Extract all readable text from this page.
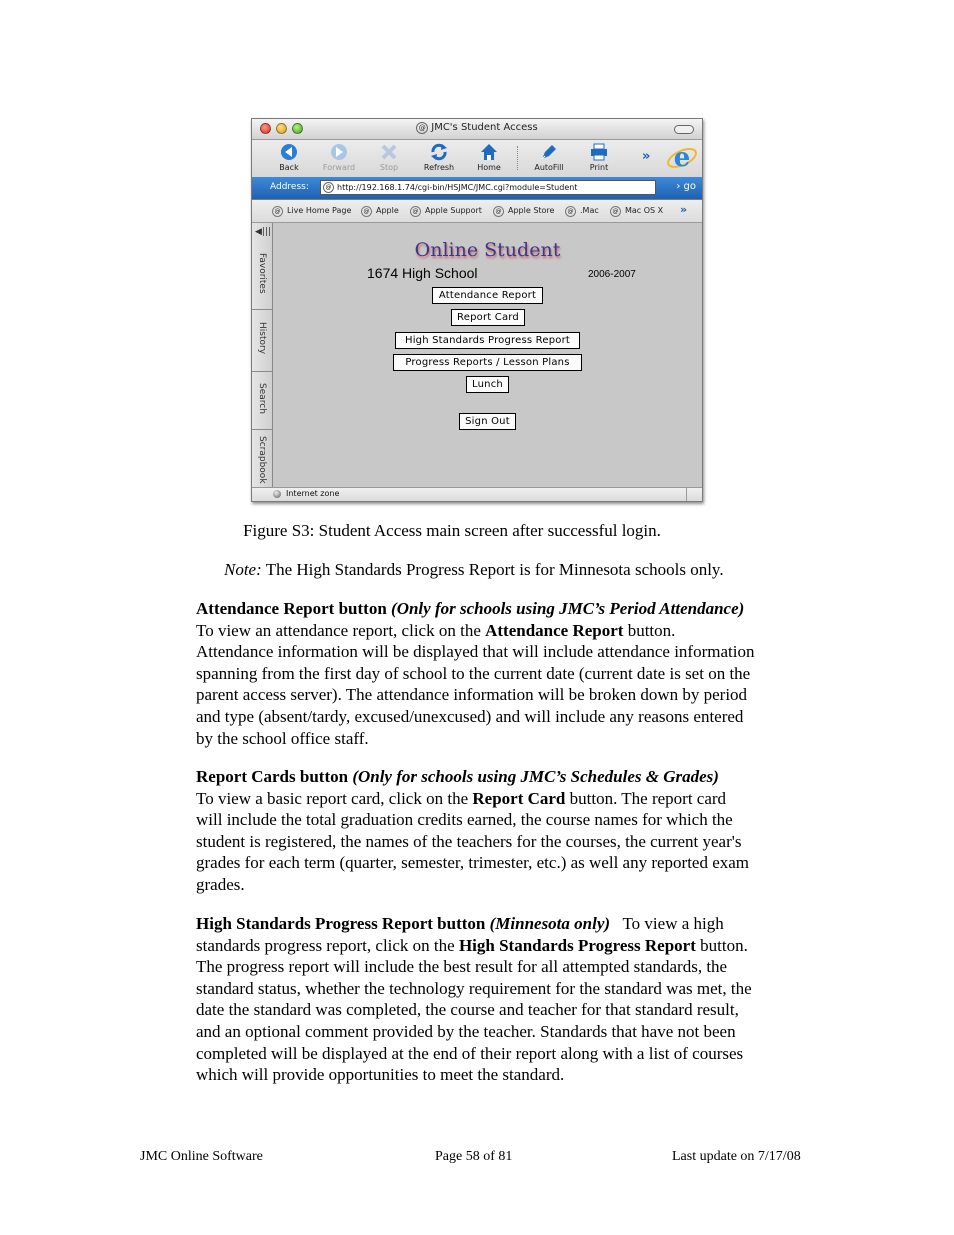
@ JMC's Student Access
Back	Forward	Stop	Refresh	Home	AutoFill	Print
» e
Address:	@ http://192.168.1.74/cgi-bin/HSJMC/JMC.cgi?module=Student	› go
@ Live Home Page	@ Apple	@ Apple Support	@ Apple Store	@ .Mac	@ Mac OS X »
◀|||
Favorites
History
Search
Scrapbook
Online Student
1674 High School	2006-2007
Attendance Report
Report Card
High Standards Progress Report
Progress Reports / Lesson Plans
Lunch
Sign Out
Internet zone
Figure S3: Student Access main screen after successful login.
Note: The High Standards Progress Report is for Minnesota schools only.

Attendance Report button (Only for schools using JMC’s Period Attendance)

To view an attendance report, click on the Attendance Report button.

Attendance information will be displayed that will include attendance information

spanning from the first day of school to the current date (current date is set on the

parent access server). The attendance information will be broken down by period

and type (absent/tardy, excused/unexcused) and will include any reasons entered

by the school office staff.

Report Cards button (Only for schools using JMC’s Schedules & Grades)

To view a basic report card, click on the Report Card button. The report card

will include the total graduation credits earned, the course names for which the

student is registered, the names of the teachers for the courses, the current year's

grades for each term (quarter, semester, trimester, etc.) as well any reported exam

grades.

High Standards Progress Report button (Minnesota only)   To view a high

standards progress report, click on the High Standards Progress Report button.

The progress report will include the best result for all attempted standards, the

standard status, whether the technology requirement for the standard was met, the

date the standard was completed, the course and teacher for that standard result,

and an optional comment provided by the teacher. Standards that have not been

completed will be displayed at the end of their report along with a list of courses

which will provide opportunities to meet the standard.

JMC Online Software	Page 58 of 81	Last update on 7/17/08
